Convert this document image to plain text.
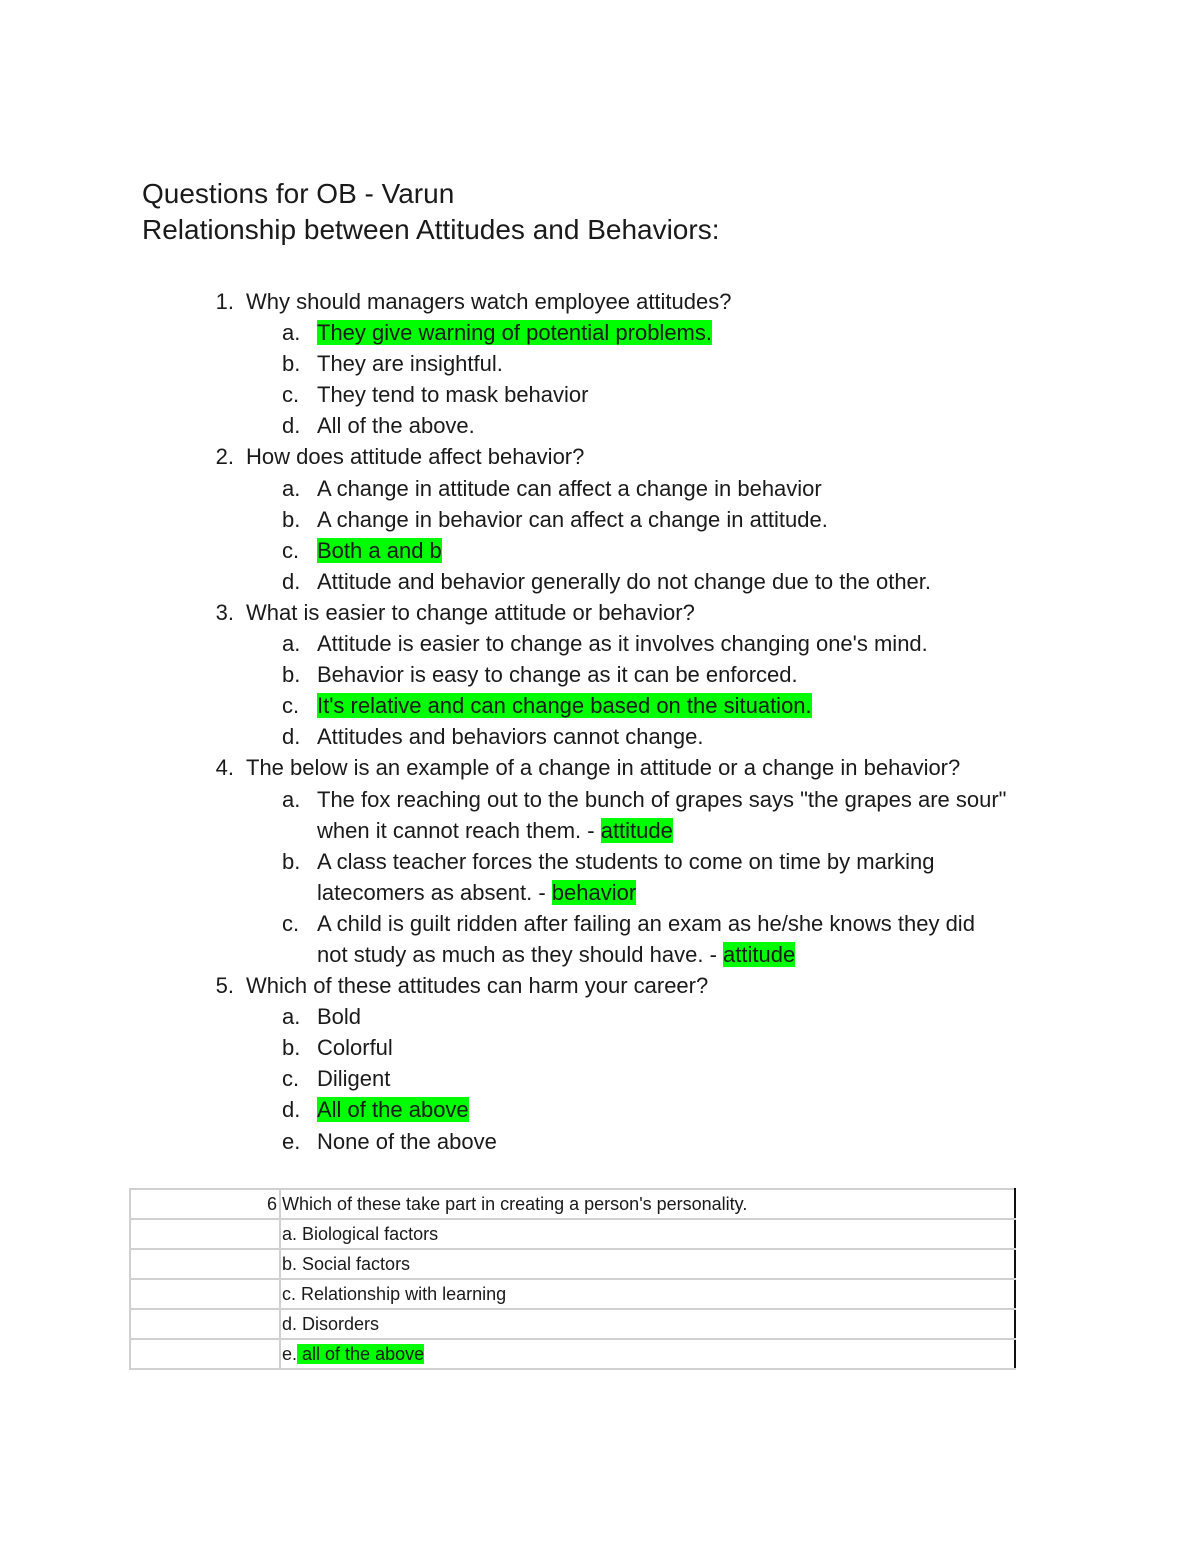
Questions for OB - Varun
Relationship between Attitudes and Behaviors:
1. Why should managers watch employee attitudes?
a. They give warning of potential problems.
b. They are insightful.
c. They tend to mask behavior
d. All of the above.
2. How does attitude affect behavior?
a. A change in attitude can affect a change in behavior
b. A change in behavior can affect a change in attitude.
c. Both a and b
d. Attitude and behavior generally do not change due to the other.
3. What is easier to change attitude or behavior?
a. Attitude is easier to change as it involves changing one's mind.
b. Behavior is easy to change as it can be enforced.
c. It's relative and can change based on the situation.
d. Attitudes and behaviors cannot change.
4. The below is an example of a change in attitude or a change in behavior?
a. The fox reaching out to the bunch of grapes says "the grapes are sour"
when it cannot reach them. - attitude
b. A class teacher forces the students to come on time by marking
latecomers as absent. - behavior
c. A child is guilt ridden after failing an exam as he/she knows they did
not study as much as they should have. - attitude
5. Which of these attitudes can harm your career?
a. Bold
b. Colorful
c. Diligent
d. All of the above
e. None of the above
6	Which of these take part in creating a person's personality.
	a. Biological factors
	b. Social factors
	c. Relationship with learning
	d. Disorders
	e. all of the above
